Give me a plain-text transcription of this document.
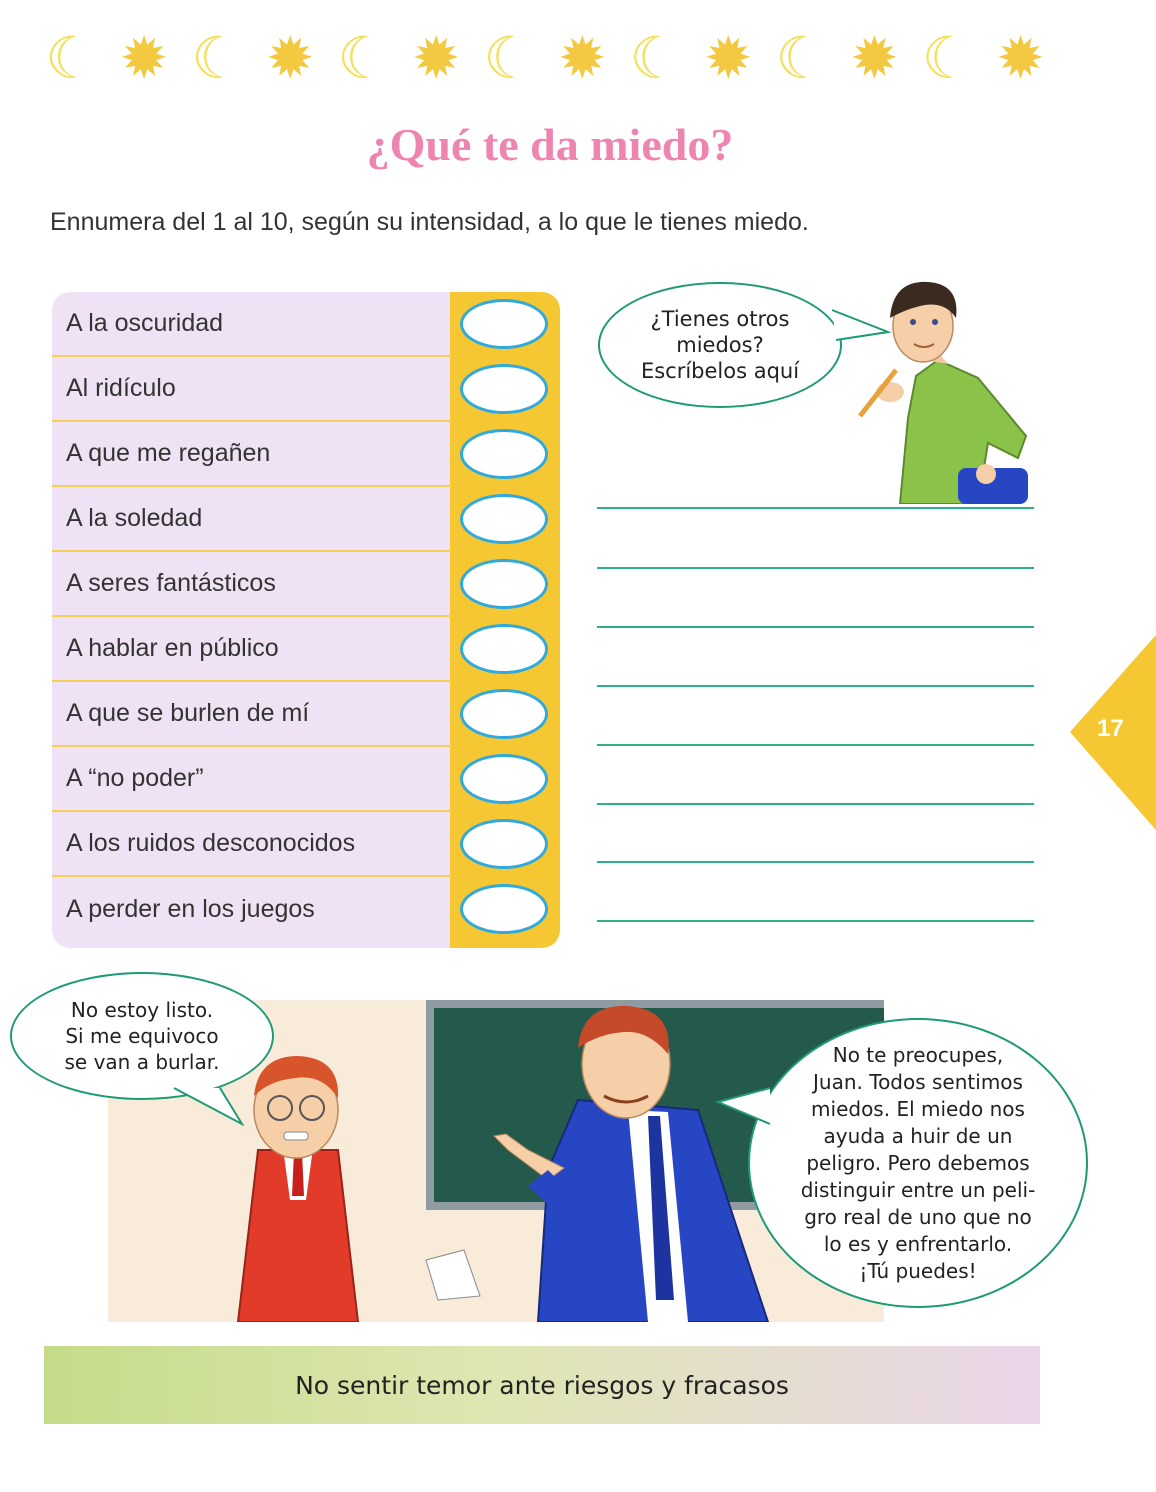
☾ ✹ ☾ ✹ ☾ ✹ ☾ ✹ ☾ ✹ ☾ ✹ ☾ ✹
¿Qué te da miedo?
Ennumera del 1 al 10, según su intensidad, a lo que le tienes miedo.
A la oscuridad
Al ridículo
A que me regañen
A la soledad
A seres fantásticos
A hablar en público
A que se burlen de mí
A “no poder”
A los ruidos desconocidos
A perder en los juegos
¿Tienes otros
miedos?
Escríbelos aquí
17
No estoy listo.
Si me equivoco
se van a burlar.	No te preocupes,
Juan. Todos sentimos
miedos. El miedo nos
ayuda a huir de un
peligro. Pero debemos
distinguir entre un peli-
gro real de uno que no
lo es y enfrentarlo.
¡Tú puedes!
No sentir temor ante riesgos y fracasos
